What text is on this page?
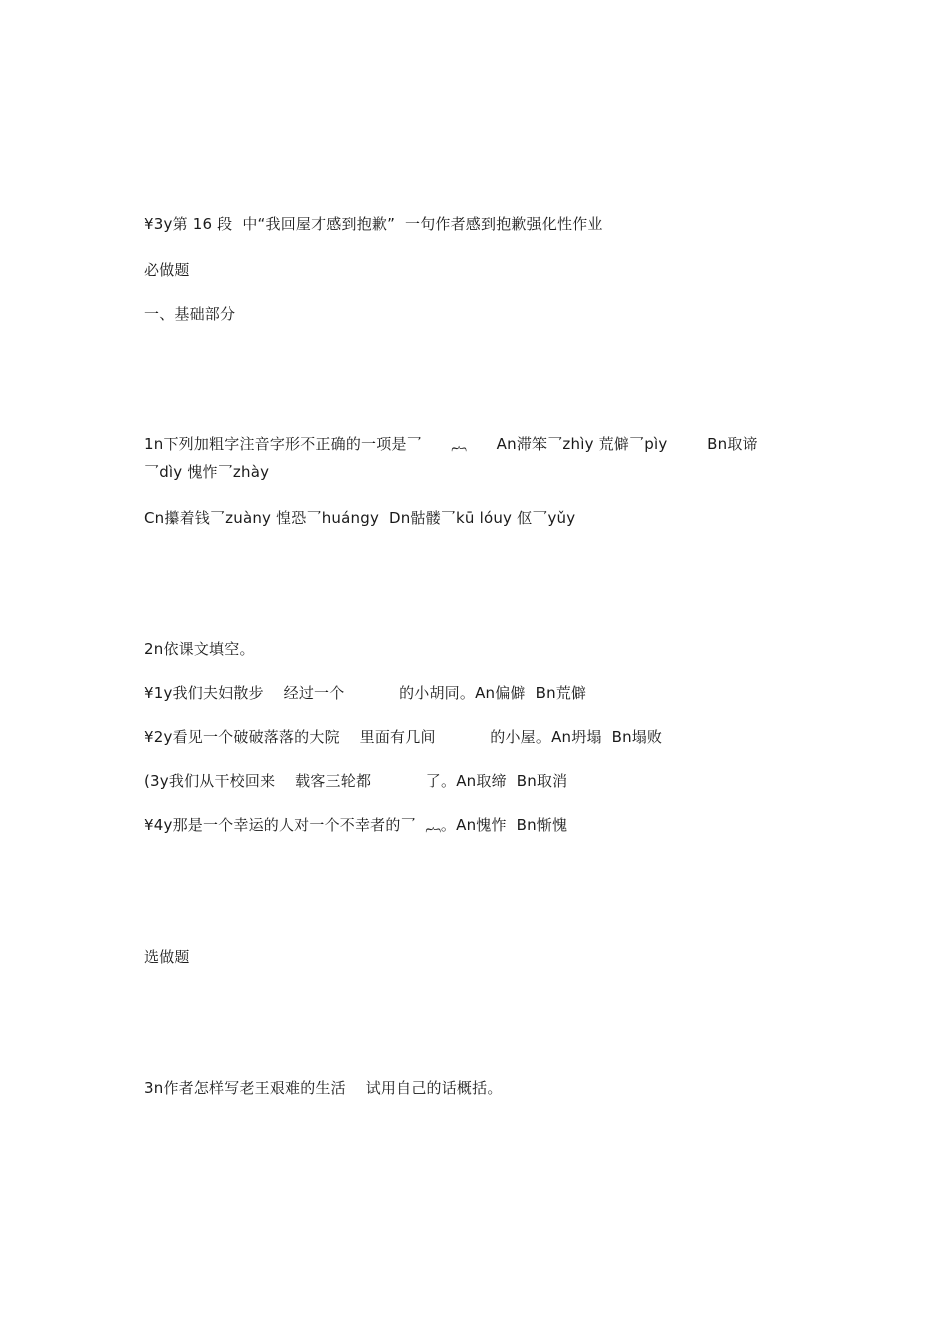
¥3y第 16 段  中“我回屋才感到抱歉”  一句作者感到抱歉强化性作业
必做题
一、基础部分
1n下列加粗字注音字形不正确的一项是乛      ︷      An滞笨乛zhìy 荒僻乛pìy        Bn取谛
乛dìy 愧怍乛zhày
Cn攥着钱乛zuàny 惶恐乛huángy  Dn骷髅乛kū lóuy 伛乛yǔy
2n依课文填空。
¥1y我们夫妇散步    经过一个           的小胡同。An偏僻  Bn荒僻
¥2y看见一个破破落落的大院    里面有几间           的小屋。An坍塌  Bn塌败
(3y我们从干校回来    载客三轮都           了。An取缔  Bn取消
¥4y那是一个幸运的人对一个不幸者的乛  ︷。An愧怍  Bn惭愧
选做题
3n作者怎样写老王艰难的生活    试用自己的话概括。
